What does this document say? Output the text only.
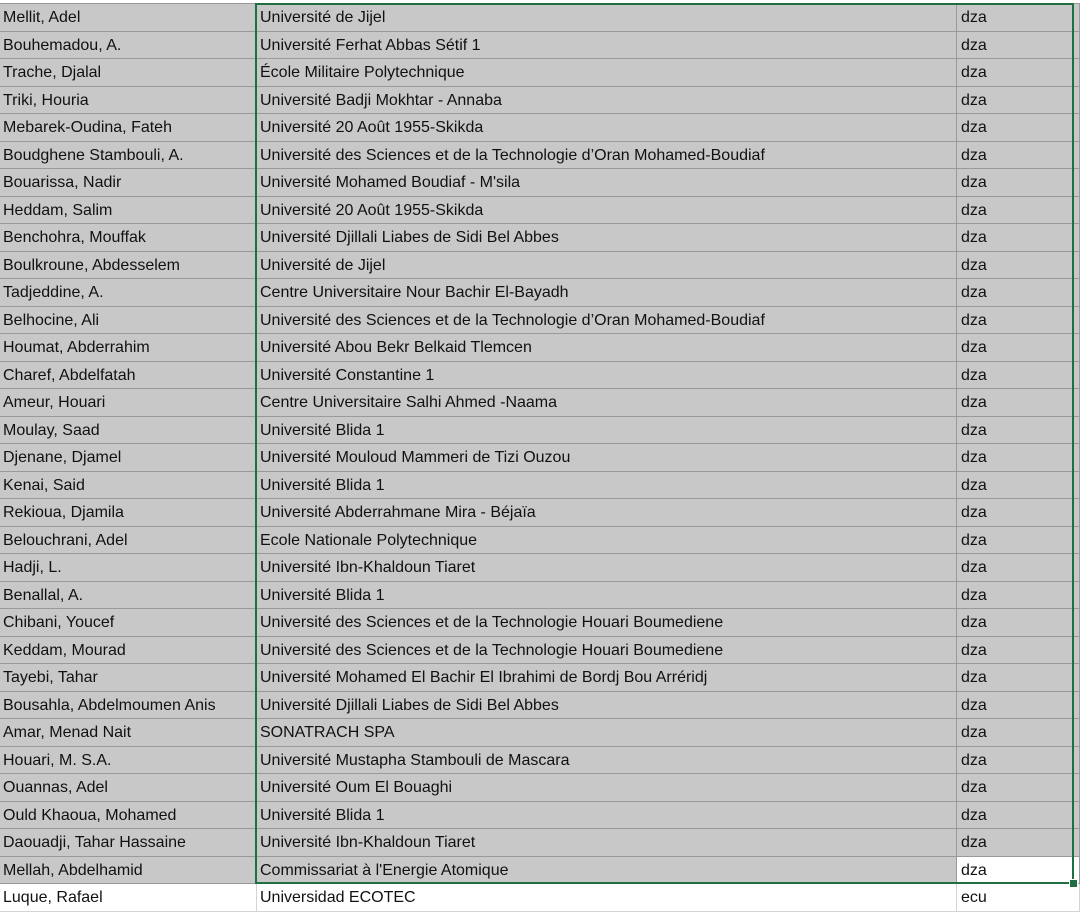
Mellit, Adel	Université de Jijel	dza
Bouhemadou, A.	Université Ferhat Abbas Sétif 1	dza
Trache, Djalal	École Militaire Polytechnique	dza
Triki, Houria	Université Badji Mokhtar - Annaba	dza
Mebarek-Oudina, Fateh	Université 20 Août 1955-Skikda	dza
Boudghene Stambouli, A.	Université des Sciences et de la Technologie d’Oran Mohamed-Boudiaf	dza
Bouarissa, Nadir	Université Mohamed Boudiaf - M'sila	dza
Heddam, Salim	Université 20 Août 1955-Skikda	dza
Benchohra, Mouffak	Université Djillali Liabes de Sidi Bel Abbes	dza
Boulkroune, Abdesselem	Université de Jijel	dza
Tadjeddine, A.	Centre Universitaire Nour Bachir El-Bayadh	dza
Belhocine, Ali	Université des Sciences et de la Technologie d’Oran Mohamed-Boudiaf	dza
Houmat, Abderrahim	Université Abou Bekr Belkaid Tlemcen	dza
Charef, Abdelfatah	Université Constantine 1	dza
Ameur, Houari	Centre Universitaire Salhi Ahmed -Naama	dza
Moulay, Saad	Université Blida 1	dza
Djenane, Djamel	Université Mouloud Mammeri de Tizi Ouzou	dza
Kenai, Said	Université Blida 1	dza
Rekioua, Djamila	Université Abderrahmane Mira - Béjaïa	dza
Belouchrani, Adel	Ecole Nationale Polytechnique	dza
Hadji, L.	Université Ibn-Khaldoun Tiaret	dza
Benallal, A.	Université Blida 1	dza
Chibani, Youcef	Université des Sciences et de la Technologie Houari Boumediene	dza
Keddam, Mourad	Université des Sciences et de la Technologie Houari Boumediene	dza
Tayebi, Tahar	Université Mohamed El Bachir El Ibrahimi de Bordj Bou Arréridj	dza
Bousahla, Abdelmoumen Anis	Université Djillali Liabes de Sidi Bel Abbes	dza
Amar, Menad Nait	SONATRACH SPA	dza
Houari, M. S.A.	Université Mustapha Stambouli de Mascara	dza
Ouannas, Adel	Université Oum El Bouaghi	dza
Ould Khaoua, Mohamed	Université Blida 1	dza
Daouadji, Tahar Hassaine	Université Ibn-Khaldoun Tiaret	dza
Mellah, Abdelhamid	Commissariat à l'Energie Atomique	dza
Luque, Rafael	Universidad ECOTEC	ecu
